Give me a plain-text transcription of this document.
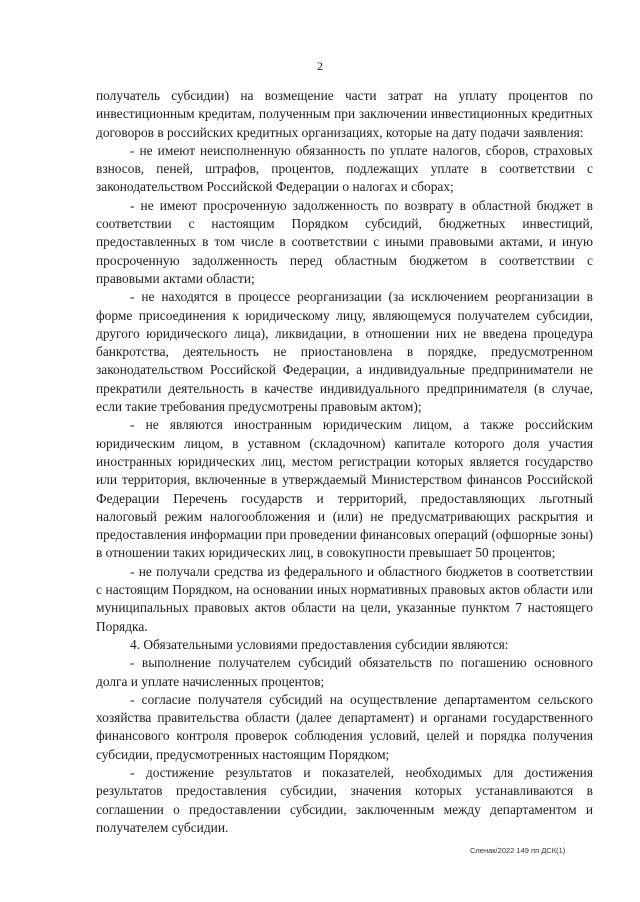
2

получатель субсидии) на возмещение части затрат на уплату процентов по инвестиционным кредитам, полученным при заключении инвестиционных кредитных договоров в российских кредитных организациях, которые на дату подачи заявления:

- не имеют неисполненную обязанность по уплате налогов, сборов, страховых взносов, пеней, штрафов, процентов, подлежащих уплате в соответствии с законодательством Российской Федерации о налогах и сборах;

- не имеют просроченную задолженность по возврату в областной бюджет в соответствии с настоящим Порядком субсидий, бюджетных инвестиций, предоставленных в том числе в соответствии с иными правовыми актами, и иную просроченную задолженность перед областным бюджетом в соответствии с правовыми актами области;

- не находятся в процессе реорганизации (за исключением реорганизации в форме присоединения к юридическому лицу, являющемуся получателем субсидии, другого юридического лица), ликвидации, в отношении них не введена процедура банкротства, деятельность не приостановлена в порядке, предусмотренном законодательством Российской Федерации, а индивидуальные предприниматели не прекратили деятельность в качестве индивидуального предпринимателя (в случае, если такие требования предусмотрены правовым актом);

- не являются иностранным юридическим лицом, а также российским юридическим лицом, в уставном (складочном) капитале которого доля участия иностранных юридических лиц, местом регистрации которых является государство или территория, включенные в утверждаемый Министерством финансов Российской Федерации Перечень государств и территорий, предоставляющих льготный налоговый режим налогообложения и (или) не предусматривающих раскрытия и предоставления информации при проведении финансовых операций (офшорные зоны) в отношении таких юридических лиц, в совокупности превышает 50 процентов;

- не получали средства из федерального и областного бюджетов в соответствии с настоящим Порядком, на основании иных нормативных правовых актов области или муниципальных правовых актов области на цели, указанные пунктом 7 настоящего Порядка.

4. Обязательными условиями предоставления субсидии являются:

- выполнение получателем субсидий обязательств по погашению основного долга и уплате начисленных процентов;

- согласие получателя субсидий на осуществление департаментом сельского хозяйства правительства области (далее департамент) и органами государственного финансового контроля проверок соблюдения условий, целей и порядка получения субсидии, предусмотренных настоящим Порядком;

- достижение результатов и показателей, необходимых для достижения результатов предоставления субсидии, значения которых устанавливаются в соглашении о предоставлении субсидии, заключенным между департаментом и получателем субсидии.

Сленак/2022 149 пп ДСК(1)
